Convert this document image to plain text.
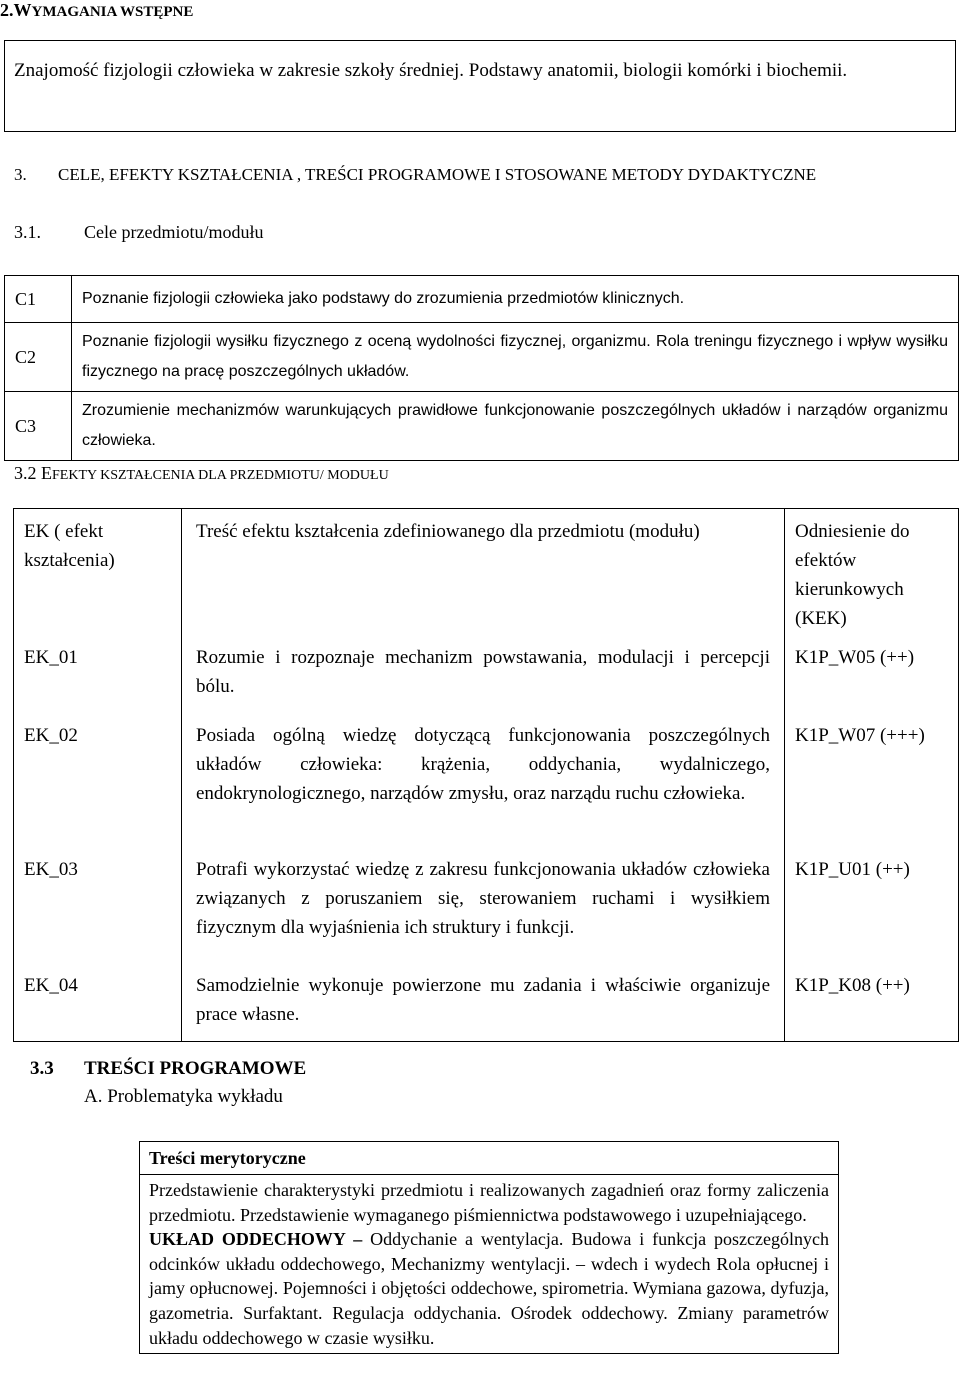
2.WYMAGANIA WSTĘPNE

Znajomość fizjologii człowieka w zakresie szkoły średniej. Podstawy anatomii, biologii komórki i biochemii.

3. CELE, EFEKTY KSZTAŁCENIA , TREŚCI PROGRAMOWE I STOSOWANE METODY DYDAKTYCZNE
3.1. Cele przedmiotu/modułu
C1	Poznanie fizjologii człowieka jako podstawy do zrozumienia przedmiotów klinicznych.
C2	Poznanie fizjologii wysiłku fizycznego z oceną wydolności fizycznej, organizmu. Rola treningu fizycznego i wpływ wysiłku fizycznego na pracę poszczególnych układów.
C3	Zrozumienie mechanizmów warunkujących prawidłowe funkcjonowanie poszczególnych układów i narządów organizmu człowieka.
3.2 EFEKTY KSZTAŁCENIA DLA PRZEDMIOTU/ MODUŁU
EK ( efekt kształcenia)	Treść efektu kształcenia zdefiniowanego dla przedmiotu (modułu)	Odniesienie do efektów kierunkowych (KEK)
EK_01	Rozumie i rozpoznaje mechanizm powstawania, modulacji i percepcji bólu.	K1P_W05 (++)
EK_02	Posiada ogólną wiedzę dotyczącą funkcjonowania poszczególnych układów człowieka: krążenia, oddychania, wydalniczego, endokrynologicznego, narządów zmysłu, oraz narządu ruchu człowieka.	K1P_W07 (+++)
EK_03	Potrafi wykorzystać wiedzę z zakresu funkcjonowania układów człowieka związanych z poruszaniem się, sterowaniem ruchami i wysiłkiem fizycznym dla wyjaśnienia ich struktury i funkcji.	K1P_U01 (++)
EK_04	Samodzielnie wykonuje powierzone mu zadania i właściwie organizuje prace własne.	K1P_K08 (++)
3.3 TREŚCI PROGRAMOWE
A. Problematyka wykładu
Treści merytoryczne

Przedstawienie charakterystyki przedmiotu i realizowanych zagadnień oraz formy zaliczenia przedmiotu. Przedstawienie wymaganego piśmiennictwa podstawowego i uzupełniającego.
UKŁAD ODDECHOWY – Oddychanie a wentylacja. Budowa i funkcja poszczególnych odcinków układu oddechowego, Mechanizmy wentylacji. – wdech i wydech Rola opłucnej i jamy opłucnowej. Pojemności i objętości oddechowe, spirometria. Wymiana gazowa, dyfuzja, gazometria. Surfaktant. Regulacja oddychania. Ośrodek oddechowy. Zmiany parametrów układu oddechowego w czasie wysiłku.
